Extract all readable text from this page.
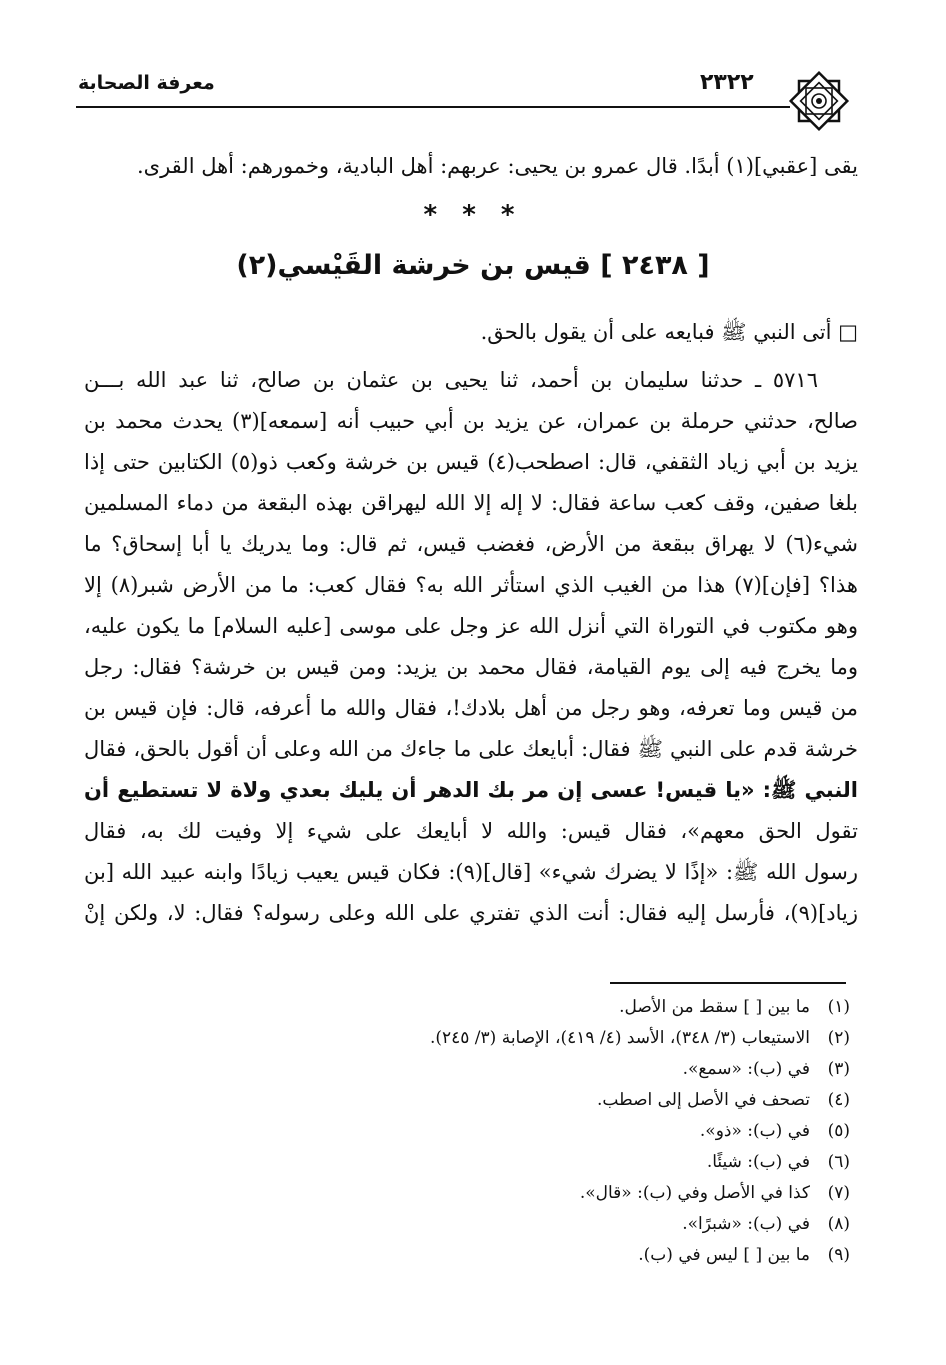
٢٣٢٢
معرفة الصحابة
يقى [عقبي](١) أبدًا. قال عمرو بن يحيى: عربهم: أهل البادية، وخمورهم: أهل القرى.
* * *
[ ٢٤٣٨ ] قيس بن خرشة القَيْسي(٢)
□ أتى النبي ﷺ فبايعه على أن يقول بالحق.
٥٧١٦ ـ حدثنا سليمان بن أحمد، ثنا يحيى بن عثمان بن صالح، ثنا عبد الله بـــن
صالح، حدثني حرملة بن عمران، عن يزيد بن أبي حبيب أنه [سمعه](٣) يحدث محمد بن
يزيد بن أبي زياد الثقفي، قال: اصطحب(٤) قيس بن خرشة وكعب ذو(٥) الكتابين حتى إذا
بلغا صفين، وقف كعب ساعة فقال: لا إله إلا الله ليهراقن بهذه البقعة من دماء المسلمين
شيء(٦) لا يهراق ببقعة من الأرض، فغضب قيس، ثم قال: وما يدريك يا أبا إسحاق؟ ما
هذا؟ [فإن](٧) هذا من الغيب الذي استأثر الله به؟ فقال كعب: ما من الأرض شبر(٨) إلا
وهو مكتوب في التوراة التي أنزل الله عز وجل على موسى [عليه السلام] ما يكون عليه،
وما يخرج فيه إلى يوم القيامة، فقال محمد بن يزيد: ومن قيس بن خرشة؟ فقال: رجل
من قيس وما تعرفه، وهو رجل من أهل بلادك!، فقال والله ما أعرفه، قال: فإن قيس بن
خرشة قدم على النبي ﷺ فقال: أبايعك على ما جاءك من الله وعلى أن أقول بالحق، فقال
النبي ﷺ: «يا قيس! عسى إن مر بك الدهر أن يليك بعدي ولاة لا تستطيع أن
تقول الحق معهم»، فقال قيس: والله لا أبايعك على شيء إلا وفيت لك به، فقال
رسول الله ﷺ: «إذًا لا يضرك شيء» [قال](٩): فكان قيس يعيب زيادًا وابنه عبيد الله [بن
زياد](٩)، فأرسل إليه فقال: أنت الذي تفتري على الله وعلى رسوله؟ فقال: لا، ولكن إنْ
(١)ما بين [ ] سقط من الأصل.
(٢)الاستيعاب (٣/ ٣٤٨)، الأسد (٤/ ٤١٩)، الإصابة (٣/ ٢٤٥).
(٣)في (ب): «سمع».
(٤)تصحف في الأصل إلى اصطب.
(٥)في (ب): «ذو».
(٦)في (ب): شيئًا.
(٧)كذا في الأصل وفي (ب): «قال».
(٨)في (ب): «شبرًا».
(٩)ما بين [ ] ليس في (ب).
